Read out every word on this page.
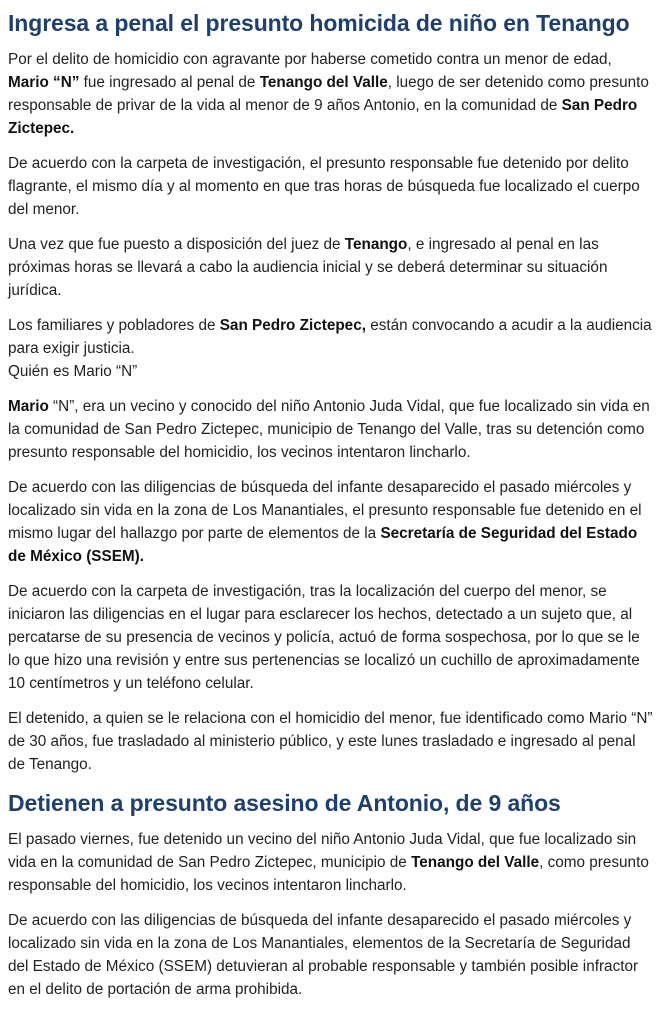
Ingresa a penal el presunto homicida de niño en Tenango

Por el delito de homicidio con agravante por haberse cometido contra un menor de edad, Mario “N” fue ingresado al penal de Tenango del Valle, luego de ser detenido como presunto responsable de privar de la vida al menor de 9 años Antonio, en la comunidad de San Pedro Zictepec.

De acuerdo con la carpeta de investigación, el presunto responsable fue detenido por delito flagrante, el mismo día y al momento en que tras horas de búsqueda fue localizado el cuerpo del menor.

Una vez que fue puesto a disposición del juez de Tenango, e ingresado al penal en las próximas horas se llevará a cabo la audiencia inicial y se deberá determinar su situación jurídica.

Los familiares y pobladores de San Pedro Zictepec, están convocando a acudir a la audiencia para exigir justicia.

Quién es Mario “N”

Mario “N”, era un vecino y conocido del niño Antonio Juda Vidal, que fue localizado sin vida en la comunidad de San Pedro Zictepec, municipio de Tenango del Valle, tras su detención como presunto responsable del homicidio, los vecinos intentaron lincharlo.

De acuerdo con las diligencias de búsqueda del infante desaparecido el pasado miércoles y localizado sin vida en la zona de Los Manantiales, el presunto responsable fue detenido en el mismo lugar del hallazgo por parte de elementos de la Secretaría de Seguridad del Estado de México (SSEM).

De acuerdo con la carpeta de investigación, tras la localización del cuerpo del menor, se iniciaron las diligencias en el lugar para esclarecer los hechos, detectado a un sujeto que, al percatarse de su presencia de vecinos y policía, actuó de forma sospechosa, por lo que se le lo que hizo una revisión y entre sus pertenencias se localizó un cuchillo de aproximadamente 10 centímetros y un teléfono celular.

El detenido, a quien se le relaciona con el homicidio del menor, fue identificado como Mario “N” de 30 años, fue trasladado al ministerio público, y este lunes trasladado e ingresado al penal de Tenango.

Detienen a presunto asesino de Antonio, de 9 años

El pasado viernes, fue detenido un vecino del niño Antonio Juda Vidal, que fue localizado sin vida en la comunidad de San Pedro Zictepec, municipio de Tenango del Valle, como presunto responsable del homicidio, los vecinos intentaron lincharlo.

De acuerdo con las diligencias de búsqueda del infante desaparecido el pasado miércoles y localizado sin vida en la zona de Los Manantiales, elementos de la Secretaría de Seguridad del Estado de México (SSEM) detuvieran al probable responsable y también posible infractor en el delito de portación de arma prohibida.
